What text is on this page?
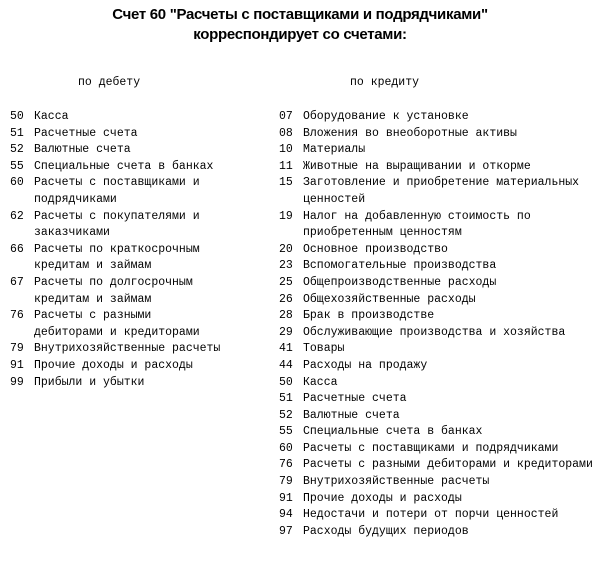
Счет 60 "Расчеты с поставщиками и подрядчиками"
корреспондирует со счетами:
по дебету	по кредиту
50 Касса
51 Расчетные счета
52 Валютные счета
55 Специальные счета в банках
60 Расчеты с поставщиками и подрядчиками
62 Расчеты с покупателями и заказчиками
66 Расчеты по краткосрочным кредитам и займам
67 Расчеты по долгосрочным кредитам и займам
76 Расчеты с разными дебиторами и кредиторами
79 Внутрихозяйственные расчеты
91 Прочие доходы и расходы
99 Прибыли и убытки
07 Оборудование к установке
08 Вложения во внеоборотные активы
10 Материалы
11 Животные на выращивании и откорме
15 Заготовление и приобретение материальных ценностей
19 Налог на добавленную стоимость по приобретенным ценностям
20 Основное производство
23 Вспомогательные производства
25 Общепроизводственные расходы
26 Общехозяйственные расходы
28 Брак в производстве
29 Обслуживающие производства и хозяйства
41 Товары
44 Расходы на продажу
50 Касса
51 Расчетные счета
52 Валютные счета
55 Специальные счета в банках
60 Расчеты с поставщиками и подрядчиками
76 Расчеты с разными дебиторами и кредиторами
79 Внутрихозяйственные расчеты
91 Прочие доходы и расходы
94 Недостачи и потери от порчи ценностей
97 Расходы будущих периодов
